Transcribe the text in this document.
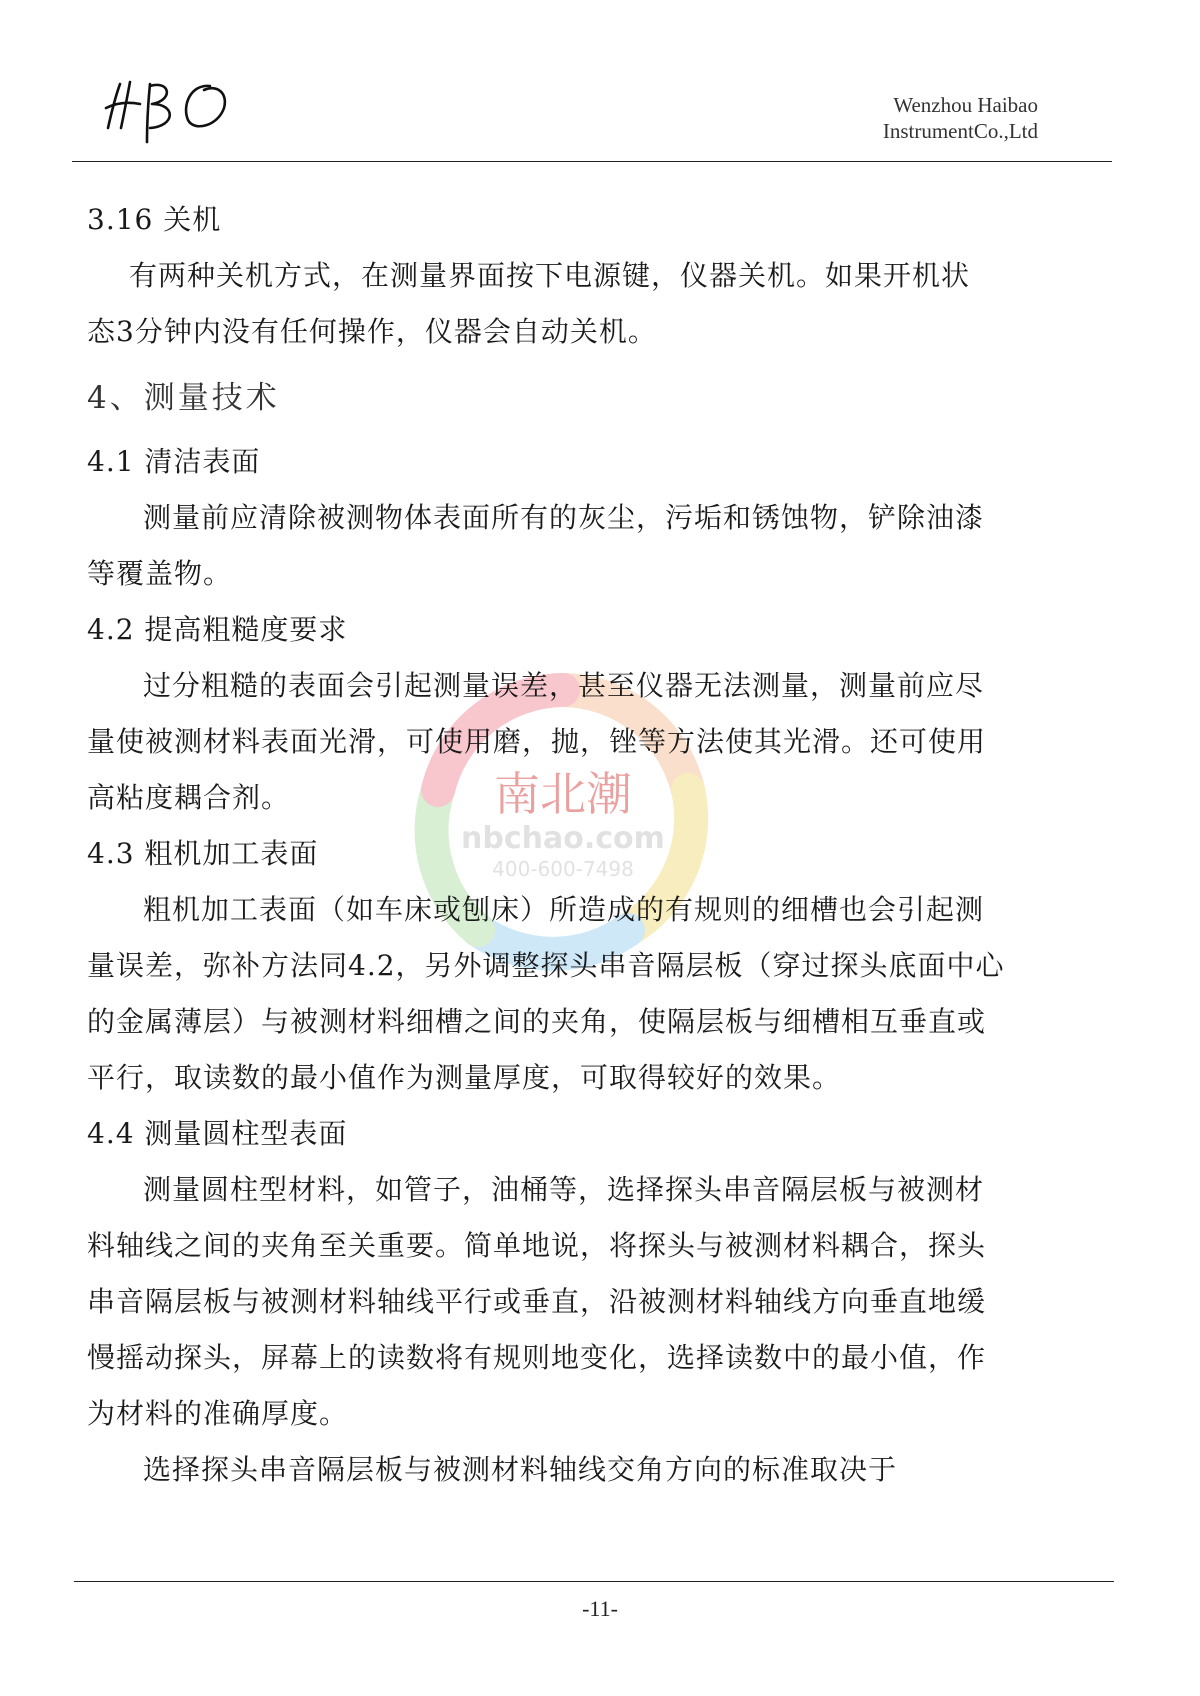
Wenzhou Haibao
InstrumentCo.,Ltd
南北潮
nbchao.com
400-600-7498
3.16 关机
有两种关机方式，在测量界面按下电源键，仪器关机。如果开机状
态3分钟内没有任何操作，仪器会自动关机。
4、测量技术
4.1 清洁表面
测量前应清除被测物体表面所有的灰尘，污垢和锈蚀物，铲除油漆
等覆盖物。
4.2 提高粗糙度要求
过分粗糙的表面会引起测量误差，甚至仪器无法测量，测量前应尽
量使被测材料表面光滑，可使用磨，抛，锉等方法使其光滑。还可使用
高粘度耦合剂。
4.3 粗机加工表面
粗机加工表面（如车床或刨床）所造成的有规则的细槽也会引起测
量误差，弥补方法同4.2，另外调整探头串音隔层板（穿过探头底面中心
的金属薄层）与被测材料细槽之间的夹角，使隔层板与细槽相互垂直或
平行，取读数的最小值作为测量厚度，可取得较好的效果。
4.4 测量圆柱型表面
测量圆柱型材料，如管子，油桶等，选择探头串音隔层板与被测材
料轴线之间的夹角至关重要。简单地说，将探头与被测材料耦合，探头
串音隔层板与被测材料轴线平行或垂直，沿被测材料轴线方向垂直地缓
慢摇动探头，屏幕上的读数将有规则地变化，选择读数中的最小值，作
为材料的准确厚度。
选择探头串音隔层板与被测材料轴线交角方向的标准取决于
-11-
